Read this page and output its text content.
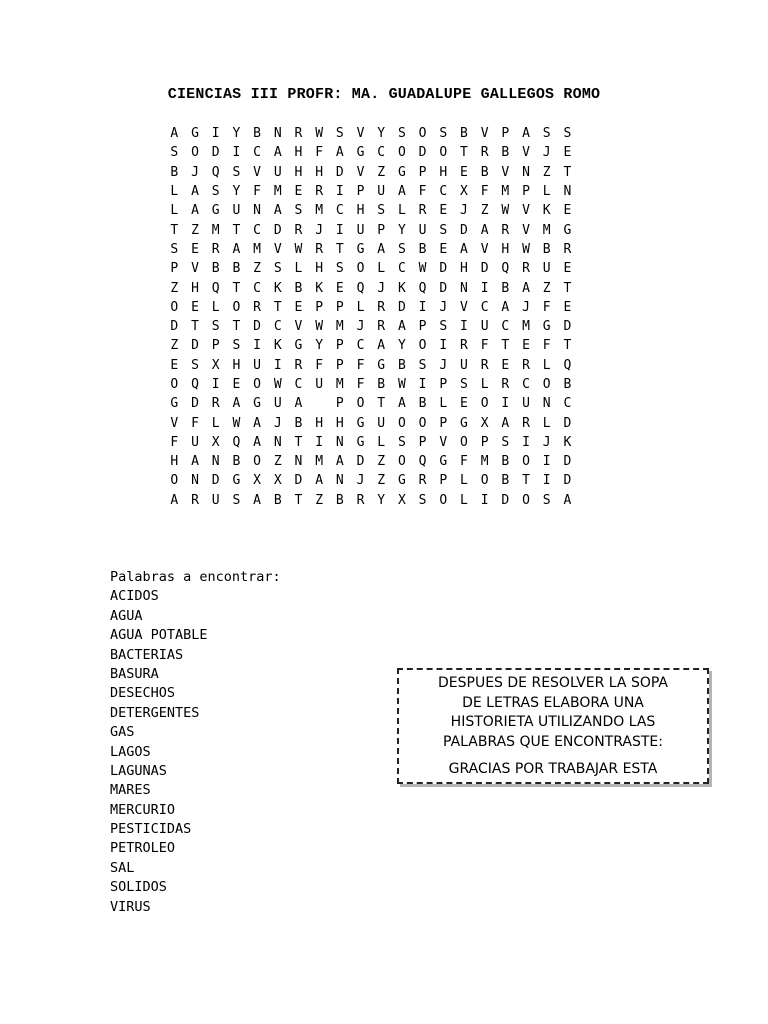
CIENCIAS III PROFR: MA. GUADALUPE GALLEGOS ROMO
A G I Y B N R W S V Y S O S B V P A S S
S O D I C A H F A G C O D O T R B V J E
B J Q S V U H H D V Z G P H E B V N Z T
L A S Y F M E R I P U A F C X F M P L N
L A G U N A S M C H S L R E J Z W V K E
T Z M T C D R J I U P Y U S D A R V M G
S E R A M V W R T G A S B E A V H W B R
P V B B Z S L H S O L C W D H D Q R U E
Z H Q T C K B K E Q J K Q D N I B A Z T
O E L O R T E P P L R D I J V C A J F E
D T S T D C V W M J R A P S I U C M G D
Z D P S I K G Y P C A Y O I R F T E F T
E S X H U I R F P F G B S J U R E R L Q
O Q I E O W C U M F B W I P S L R C O B
G D R A G U A	P O T A B L E O I U N C
V F L W A J B H H G U O O P G X A R L D
F U X Q A N T I N G L S P V O P S I J K
H A N B O Z N M A D Z O Q G F M B O I D
O N D G X X D A N J Z G R P L O B T I D
A R U S A B T Z B R Y X S O L I D O S A
Palabras a encontrar:
ACIDOS
AGUA
AGUA POTABLE
BACTERIAS
BASURA
DESECHOS
DETERGENTES
GAS
LAGOS
LAGUNAS
MARES
MERCURIO
PESTICIDAS
PETROLEO
SAL
SOLIDOS
VIRUS
DESPUES DE RESOLVER LA SOPA
DE LETRAS ELABORA UNA
HISTORIETA UTILIZANDO LAS
PALABRAS QUE ENCONTRASTE:
GRACIAS POR TRABAJAR ESTA
